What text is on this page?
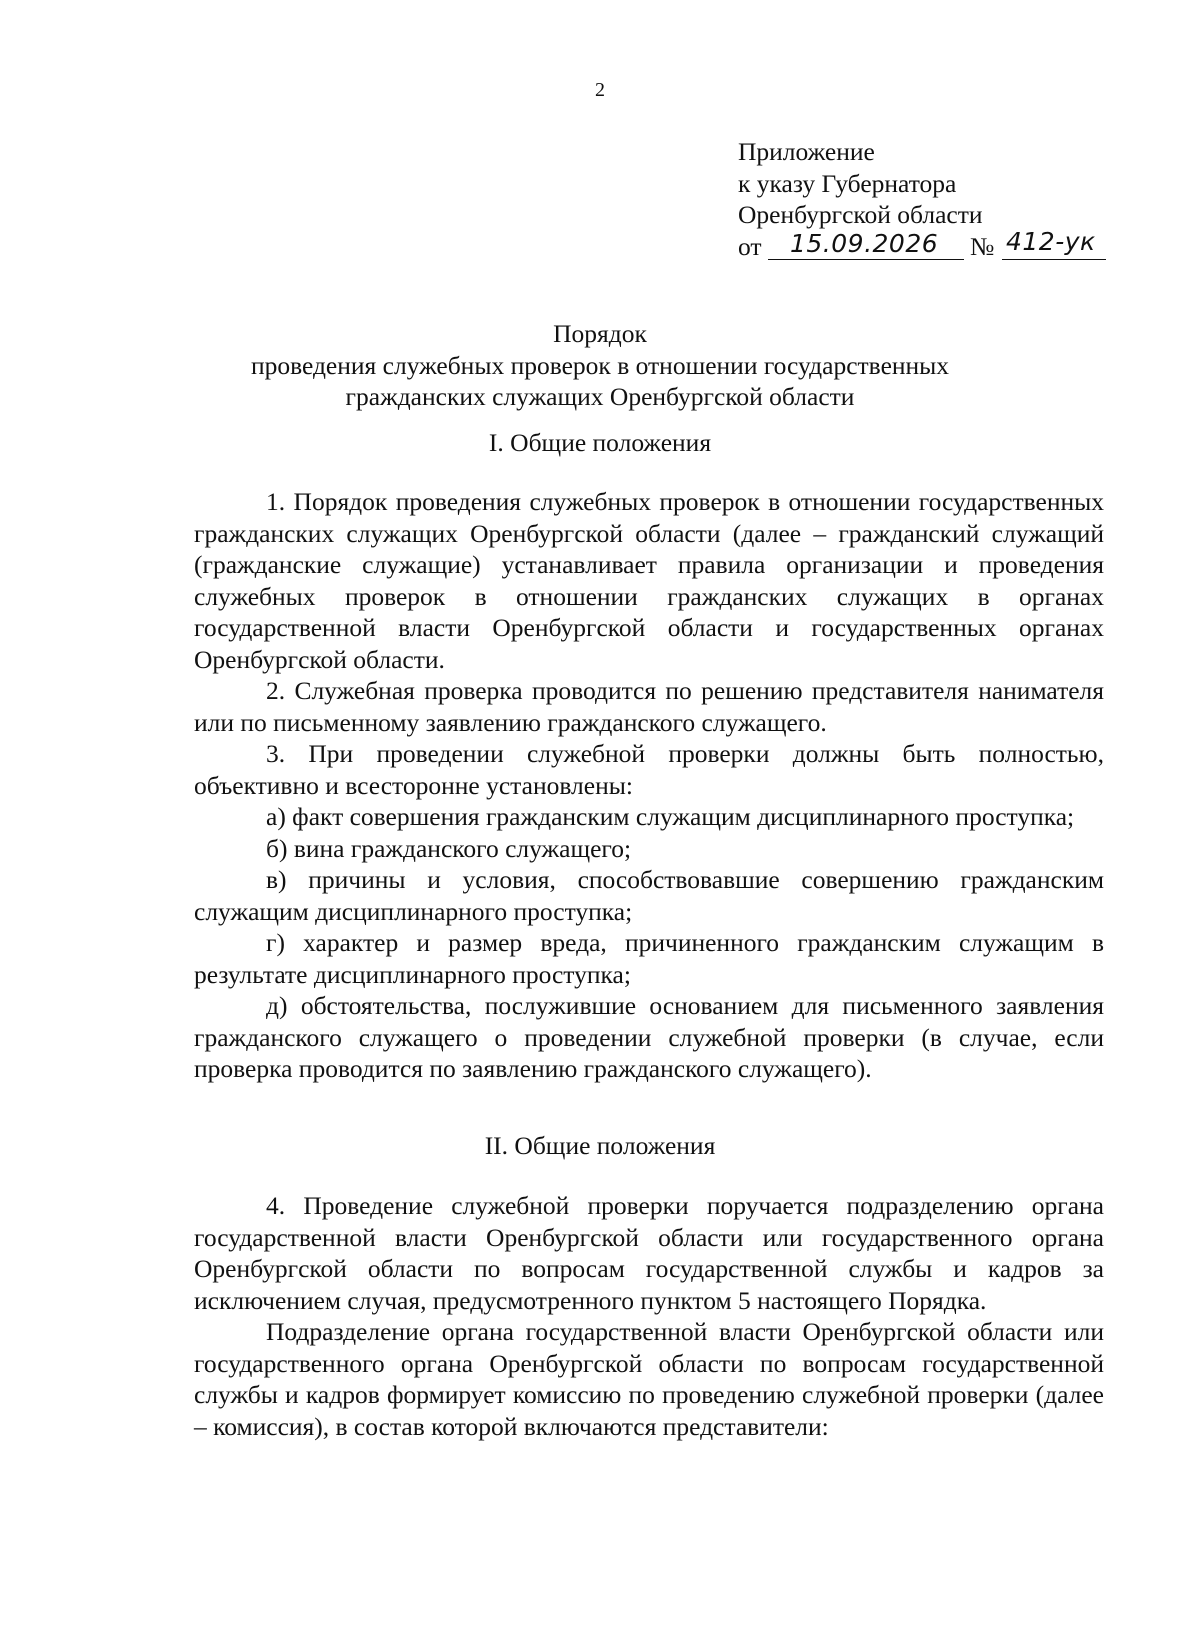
2
Приложение
к указу Губернатора
Оренбургской области
от 15.09.2026 № 412-ук
Порядок
проведения служебных проверок в отношении государственных
гражданских служащих Оренбургской области
I. Общие положения

1. Порядок проведения служебных проверок в отношении государственных гражданских служащих Оренбургской области (далее – гражданский служащий (гражданские служащие) устанавливает правила организации и проведения служебных проверок в отношении гражданских служащих в органах государственной власти Оренбургской области и государственных органах Оренбургской области.

2. Служебная проверка проводится по решению представителя нанимателя или по письменному заявлению гражданского служащего.

3. При проведении служебной проверки должны быть полностью, объективно и всесторонне установлены:

а) факт совершения гражданским служащим дисциплинарного проступка;

б) вина гражданского служащего;

в) причины и условия, способствовавшие совершению гражданским служащим дисциплинарного проступка;

г) характер и размер вреда, причиненного гражданским служащим в результате дисциплинарного проступка;

д) обстоятельства, послужившие основанием для письменного заявления гражданского служащего о проведении служебной проверки (в случае, если проверка проводится по заявлению гражданского служащего).

II. Общие положения

4. Проведение служебной проверки поручается подразделению органа государственной власти Оренбургской области или государственного органа Оренбургской области по вопросам государственной службы и кадров за исключением случая, предусмотренного пунктом 5 настоящего Порядка.

Подразделение органа государственной власти Оренбургской области или государственного органа Оренбургской области по вопросам государственной службы и кадров формирует комиссию по проведению служебной проверки (далее – комиссия), в состав которой включаются представители:
